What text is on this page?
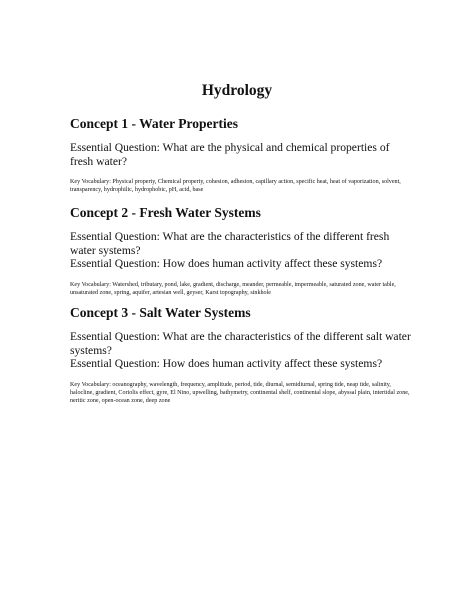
Hydrology
Concept 1 - Water Properties

Essential Question: What are the physical and chemical properties of fresh water?

Key Vocabulary: Physical property, Chemical property, cohesion, adhesion, capillary action, specific heat, heat of vaporization, solvent, transparency, hydrophilic, hydrophobic, pH, acid, base

Concept 2 - Fresh Water Systems

Essential Question: What are the characteristics of the different fresh water systems?

Essential Question: How does human activity affect these systems?

Key Vocabulary: Watershed, tributary, pond, lake, gradient, discharge, meander, permeable, impermeable, saturated zone, water table, unsaturated zone, spring, aquifer, artesian well, geyser, Karst topography, sinkhole

Concept 3 - Salt Water Systems

Essential Question: What are the characteristics of the different salt water systems?

Essential Question: How does human activity affect these systems?

Key Vocabulary: oceanography, wavelength, frequency, amplitude, period, tide, diurnal, semidiurnal, spring tide, neap tide, salinity, halocline, gradient, Coriolis effect, gyre, El Nino, upwelling, bathymetry, continental shelf, continental slope, abyssal plain, intertidal zone, neritic zone, open-ocean zone, deep zone
